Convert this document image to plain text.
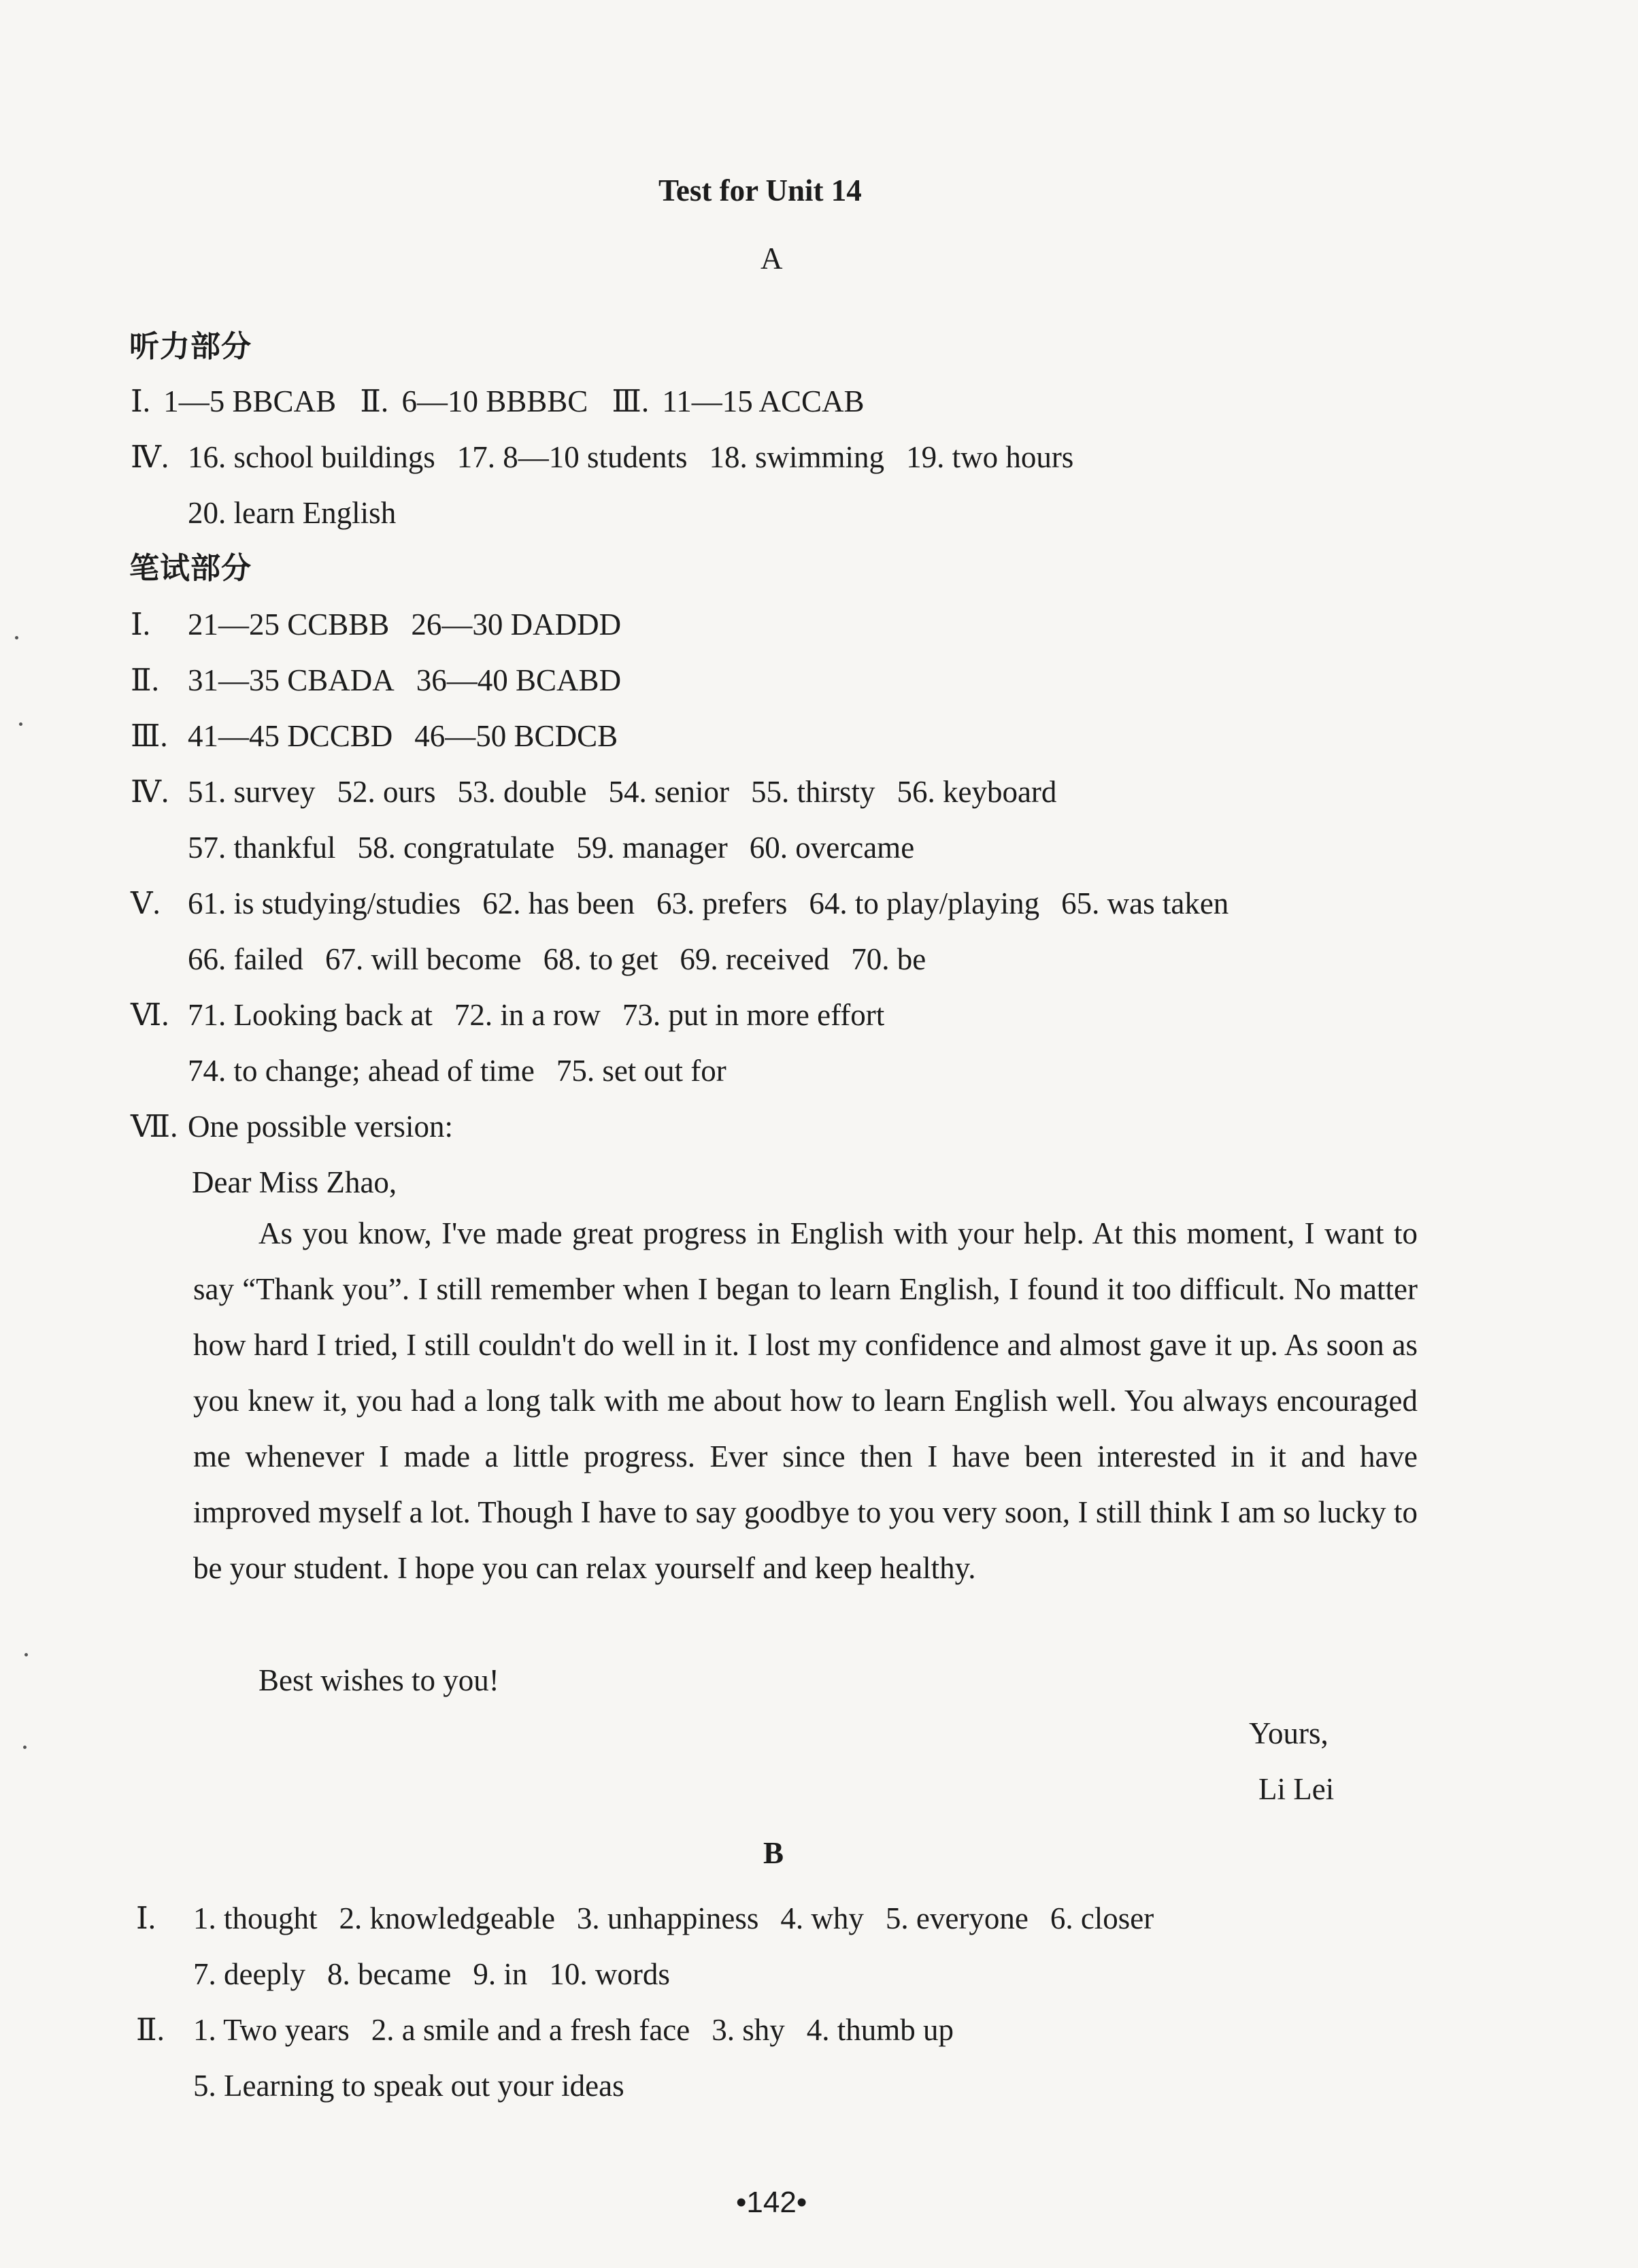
Test for Unit 14
A
听力部分
Ⅰ. 1—5 BBCAB Ⅱ. 6—10 BBBBC Ⅲ. 11—15 ACCAB
Ⅳ. 16. school buildings 17. 8—10 students 18. swimming 19. two hours
20. learn English
笔试部分
Ⅰ. 21—25 CCBBB 26—30 DADDD
Ⅱ. 31—35 CBADA 36—40 BCABD
Ⅲ. 41—45 DCCBD 46—50 BCDCB
Ⅳ. 51. survey 52. ours 53. double 54. senior 55. thirsty 56. keyboard
57. thankful 58. congratulate 59. manager 60. overcame
Ⅴ. 61. is studying/studies 62. has been 63. prefers 64. to play/playing 65. was taken
66. failed 67. will become 68. to get 69. received 70. be
Ⅵ. 71. Looking back at 72. in a row 73. put in more effort
74. to change; ahead of time 75. set out for
Ⅶ. One possible version:
Dear Miss Zhao,
As you know, I've made great progress in English with your help. At this moment, I want to say “Thank you”. I still remember when I began to learn English, I found it too difficult. No matter how hard I tried, I still couldn't do well in it. I lost my confidence and almost gave it up. As soon as you knew it, you had a long talk with me about how to learn English well. You always encouraged me whenever I made a little progress. Ever since then I have been interested in it and have improved myself a lot. Though I have to say goodbye to you very soon, I still think I am so lucky to be your student. I hope you can relax yourself and keep healthy.
Best wishes to you!
Yours,
Li Lei
B
Ⅰ. 1. thought 2. knowledgeable 3. unhappiness 4. why 5. everyone 6. closer
7. deeply 8. became 9. in 10. words
Ⅱ. 1. Two years 2. a smile and a fresh face 3. shy 4. thumb up
5. Learning to speak out your ideas
•142•
